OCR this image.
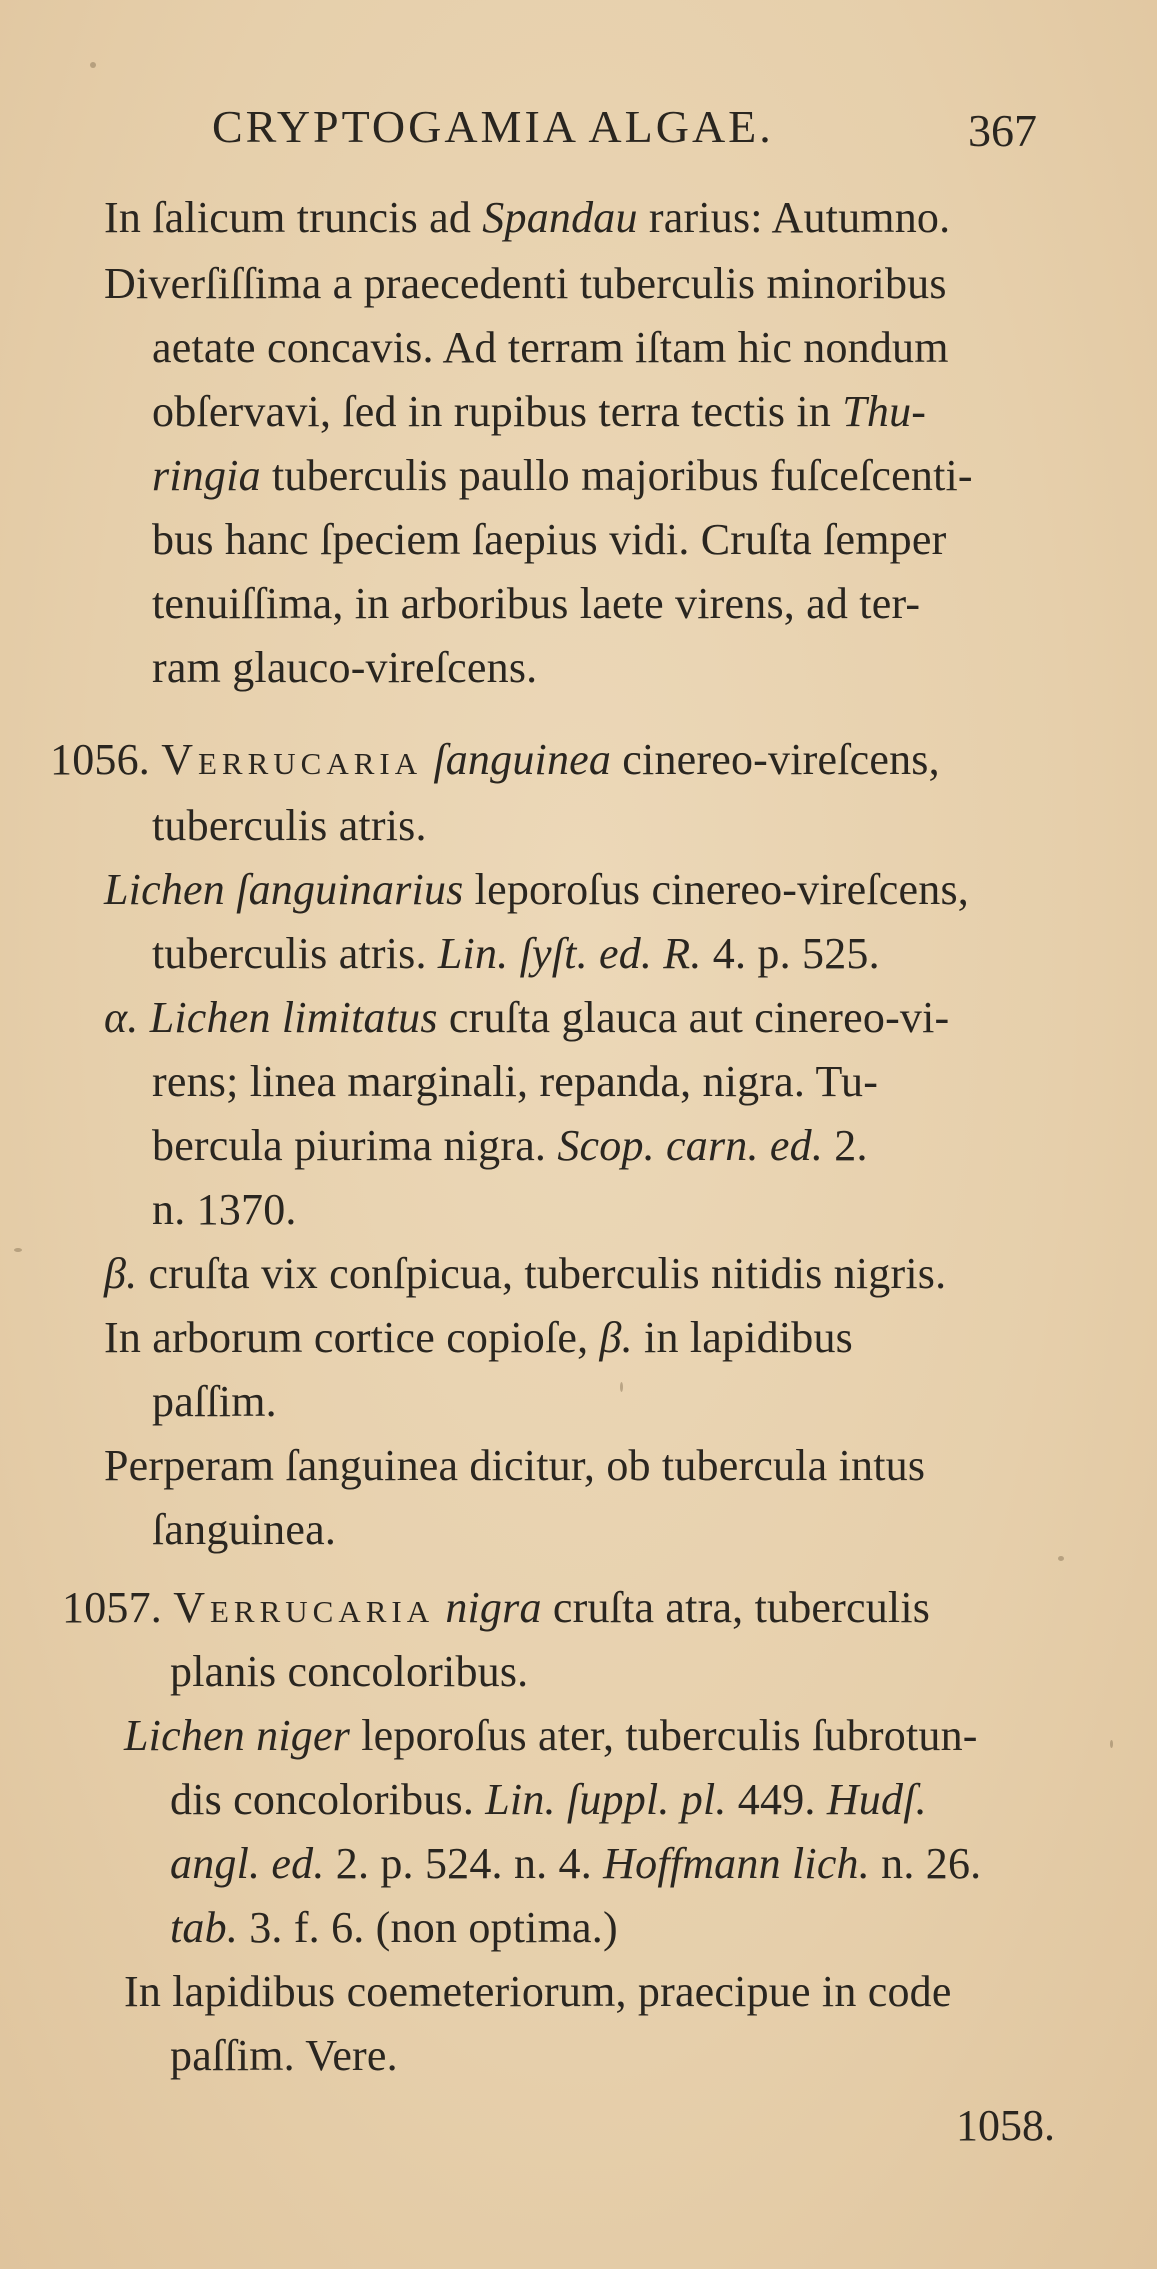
CRYPTOGAMIA ALGAE.	367
In ſalicum truncis ad Spandau rarius: Autumno.
Diverſiſſima a praecedenti tuberculis minoribus
aetate concavis. Ad terram iſtam hic nondum
obſervavi, ſed in rupibus terra tectis in Thu-
ringia tuberculis paullo majoribus fuſceſcenti-
bus hanc ſpeciem ſaepius vidi. Cruſta ſemper
tenuiſſima, in arboribus laete virens, ad ter-
ram glauco-vireſcens.
1056. Verrucaria ſanguinea cinereo-vireſcens,
tuberculis atris.
Lichen ſanguinarius leporoſus cinereo-vireſcens,
tuberculis atris. Lin. ſyſt. ed. R. 4. p. 525.
α. Lichen limitatus cruſta glauca aut cinereo-vi-
rens; linea marginali, repanda, nigra. Tu-
bercula piurima nigra. Scop. carn. ed. 2.
n. 1370.
β. cruſta vix conſpicua, tuberculis nitidis nigris.
In arborum cortice copioſe, β. in lapidibus
paſſim.
Perperam ſanguinea dicitur, ob tubercula intus
ſanguinea.
1057. Verrucaria nigra cruſta atra, tuberculis
planis concoloribus.
Lichen niger leporoſus ater, tuberculis ſubrotun-
dis concoloribus. Lin. ſuppl. pl. 449. Hudſ.
angl. ed. 2. p. 524. n. 4. Hoffmann lich. n. 26.
tab. 3. f. 6. (non optima.)
In lapidibus coemeteriorum, praecipue in code
paſſim. Vere.
1058.
